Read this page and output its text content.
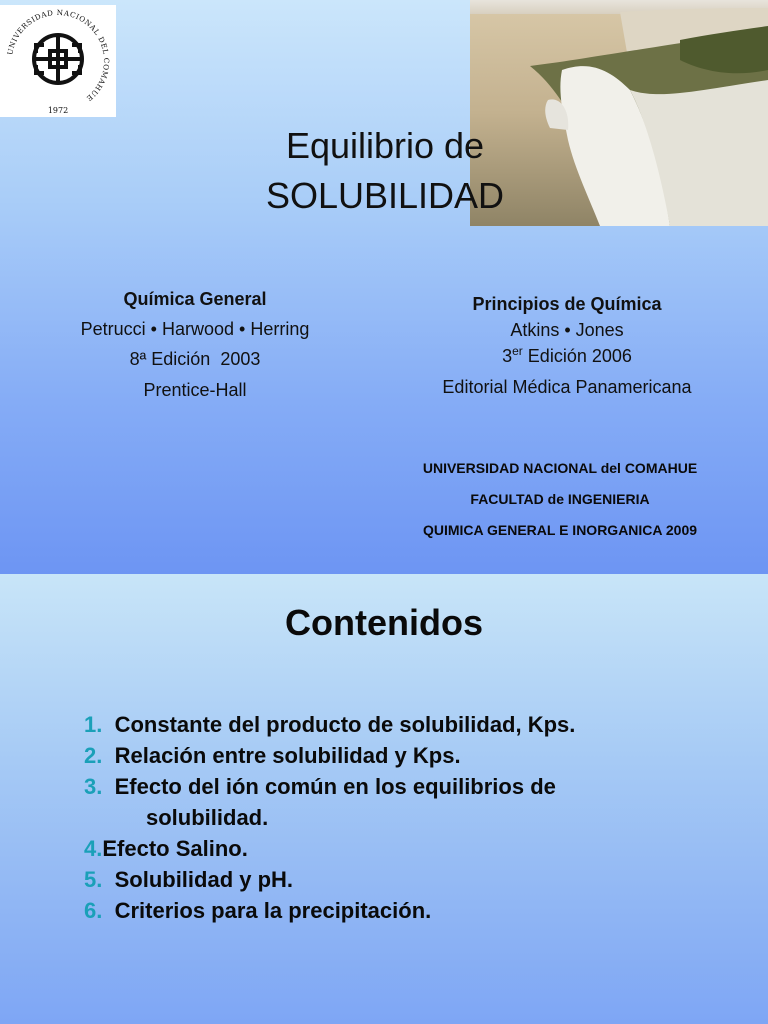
UNIVERSIDAD NACIONAL DEL COMAHUE
1972
Equilibrio de
SOLUBILIDAD
Química General
Petrucci • Harwood • Herring
8ª Edición  2003
Prentice-Hall
Principios de Química
Atkins • Jones
3er Edición 2006
Editorial Médica Panamericana
UNIVERSIDAD NACIONAL del COMAHUE
FACULTAD de INGENIERIA
QUIMICA GENERAL E INORGANICA 2009
Contenidos
1. Constante del producto de solubilidad, Kps.
2. Relación entre solubilidad y Kps.
3. Efecto del ión común en los equilibrios de
solubilidad.
4.Efecto Salino.
5. Solubilidad y pH.
6. Criterios para la precipitación.
